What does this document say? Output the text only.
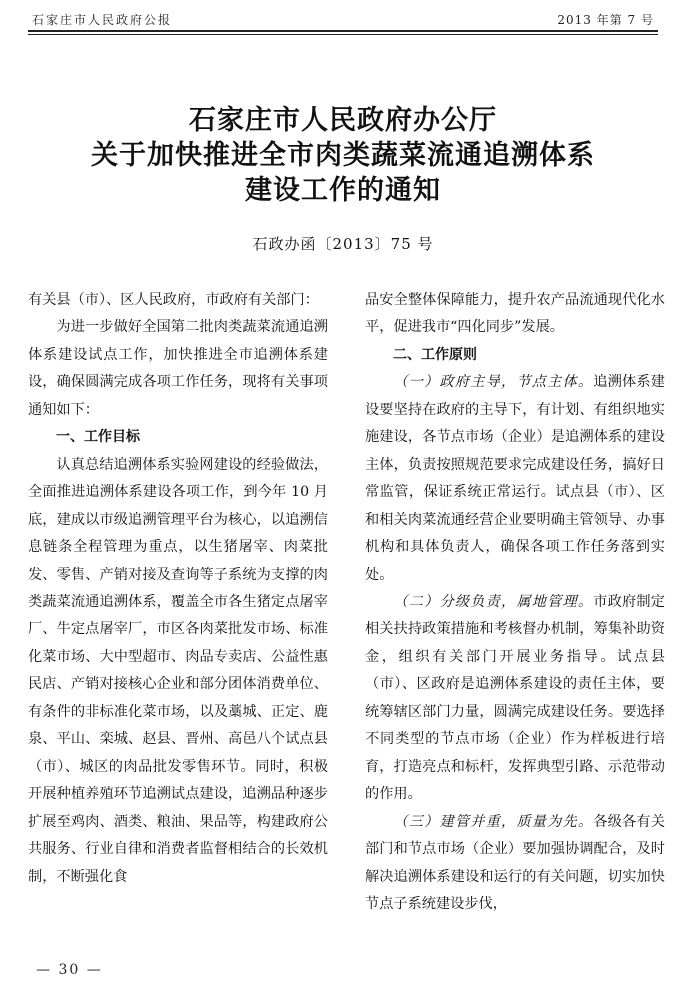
石家庄市人民政府公报	2013 年第 7 号
石家庄市人民政府办公厅
关于加快推进全市肉类蔬菜流通追溯体系
建设工作的通知
石政办函〔2013〕75 号

有关县（市）、区人民政府，市政府有关部门：

为进一步做好全国第二批肉类蔬菜流通追溯体系建设试点工作，加快推进全市追溯体系建设，确保圆满完成各项工作任务，现将有关事项通知如下：

一、工作目标

认真总结追溯体系实验网建设的经验做法，全面推进追溯体系建设各项工作，到今年 10 月底，建成以市级追溯管理平台为核心，以追溯信息链条全程管理为重点，以生猪屠宰、肉菜批发、零售、产销对接及查询等子系统为支撑的肉类蔬菜流通追溯体系，覆盖全市各生猪定点屠宰厂、牛定点屠宰厂，市区各肉菜批发市场、标准化菜市场、大中型超市、肉品专卖店、公益性惠民店、产销对接核心企业和部分团体消费单位、有条件的非标准化菜市场，以及藁城、正定、鹿泉、平山、栾城、赵县、晋州、高邑八个试点县（市）、城区的肉品批发零售环节。同时，积极开展种植养殖环节追溯试点建设，追溯品种逐步扩展至鸡肉、酒类、粮油、果品等，构建政府公共服务、行业自律和消费者监督相结合的长效机制，不断强化食

品安全整体保障能力，提升农产品流通现代化水平，促进我市“四化同步”发展。

二、工作原则

（一）政府主导，节点主体。追溯体系建设要坚持在政府的主导下，有计划、有组织地实施建设，各节点市场（企业）是追溯体系的建设主体，负责按照规范要求完成建设任务，搞好日常监管，保证系统正常运行。试点县（市）、区和相关肉菜流通经营企业要明确主管领导、办事机构和具体负责人，确保各项工作任务落到实处。

（二）分级负责，属地管理。市政府制定相关扶持政策措施和考核督办机制，筹集补助资金，组织有关部门开展业务指导。试点县（市）、区政府是追溯体系建设的责任主体，要统筹辖区部门力量，圆满完成建设任务。要选择不同类型的节点市场（企业）作为样板进行培育，打造亮点和标杆，发挥典型引路、示范带动的作用。

（三）建管并重，质量为先。各级各有关部门和节点市场（企业）要加强协调配合，及时解决追溯体系建设和运行的有关问题，切实加快节点子系统建设步伐，

— 30 —
